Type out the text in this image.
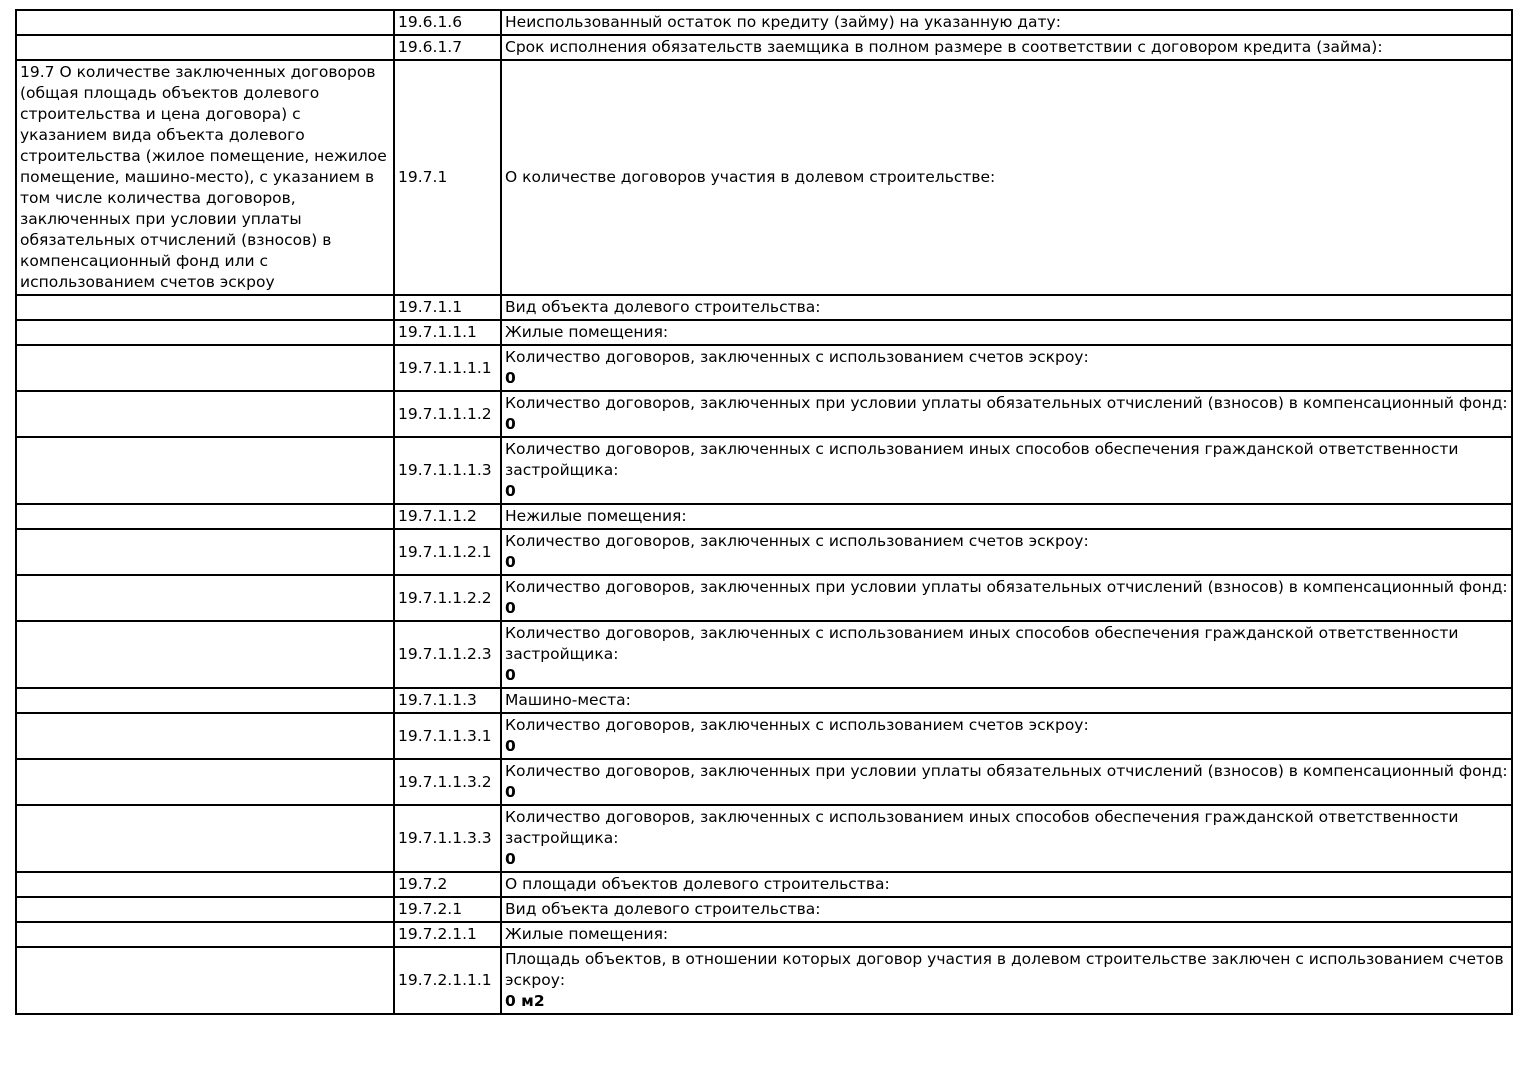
	19.6.1.6	Неиспользованный остаток по кредиту (займу) на указанную дату:

	19.6.1.7	Срок исполнения обязательств заемщика в полном размере в соответствии с договором кредита (займа):

19.7 О количестве заключенных договоров (общая площадь объектов долевого строительства и цена договора) с указанием вида объекта долевого строительства (жилое помещение, нежилое помещение, машино-место), с указанием в том числе количества договоров, заключенных при условии уплаты обязательных отчислений (взносов) в компенсационный фонд или с использованием счетов эскроу	19.7.1	О количестве договоров участия в долевом строительстве:

	19.7.1.1	Вид объекта долевого строительства:

	19.7.1.1.1	Жилые помещения:

	19.7.1.1.1.1	Количество договоров, заключенных с использованием счетов эскроу:
0

	19.7.1.1.1.2	Количество договоров, заключенных при условии уплаты обязательных отчислений (взносов) в компенсационный фонд:
0

	19.7.1.1.1.3	Количество договоров, заключенных с использованием иных способов обеспечения гражданской ответственности застройщика:
0

	19.7.1.1.2	Нежилые помещения:

	19.7.1.1.2.1	Количество договоров, заключенных с использованием счетов эскроу:
0

	19.7.1.1.2.2	Количество договоров, заключенных при условии уплаты обязательных отчислений (взносов) в компенсационный фонд:
0

	19.7.1.1.2.3	Количество договоров, заключенных с использованием иных способов обеспечения гражданской ответственности застройщика:
0

	19.7.1.1.3	Машино-места:

	19.7.1.1.3.1	Количество договоров, заключенных с использованием счетов эскроу:
0

	19.7.1.1.3.2	Количество договоров, заключенных при условии уплаты обязательных отчислений (взносов) в компенсационный фонд:
0

	19.7.1.1.3.3	Количество договоров, заключенных с использованием иных способов обеспечения гражданской ответственности застройщика:
0

	19.7.2	О площади объектов долевого строительства:

	19.7.2.1	Вид объекта долевого строительства:

	19.7.2.1.1	Жилые помещения:

	19.7.2.1.1.1	Площадь объектов, в отношении которых договор участия в долевом строительстве заключен с использованием счетов эскроу:
0 м2
